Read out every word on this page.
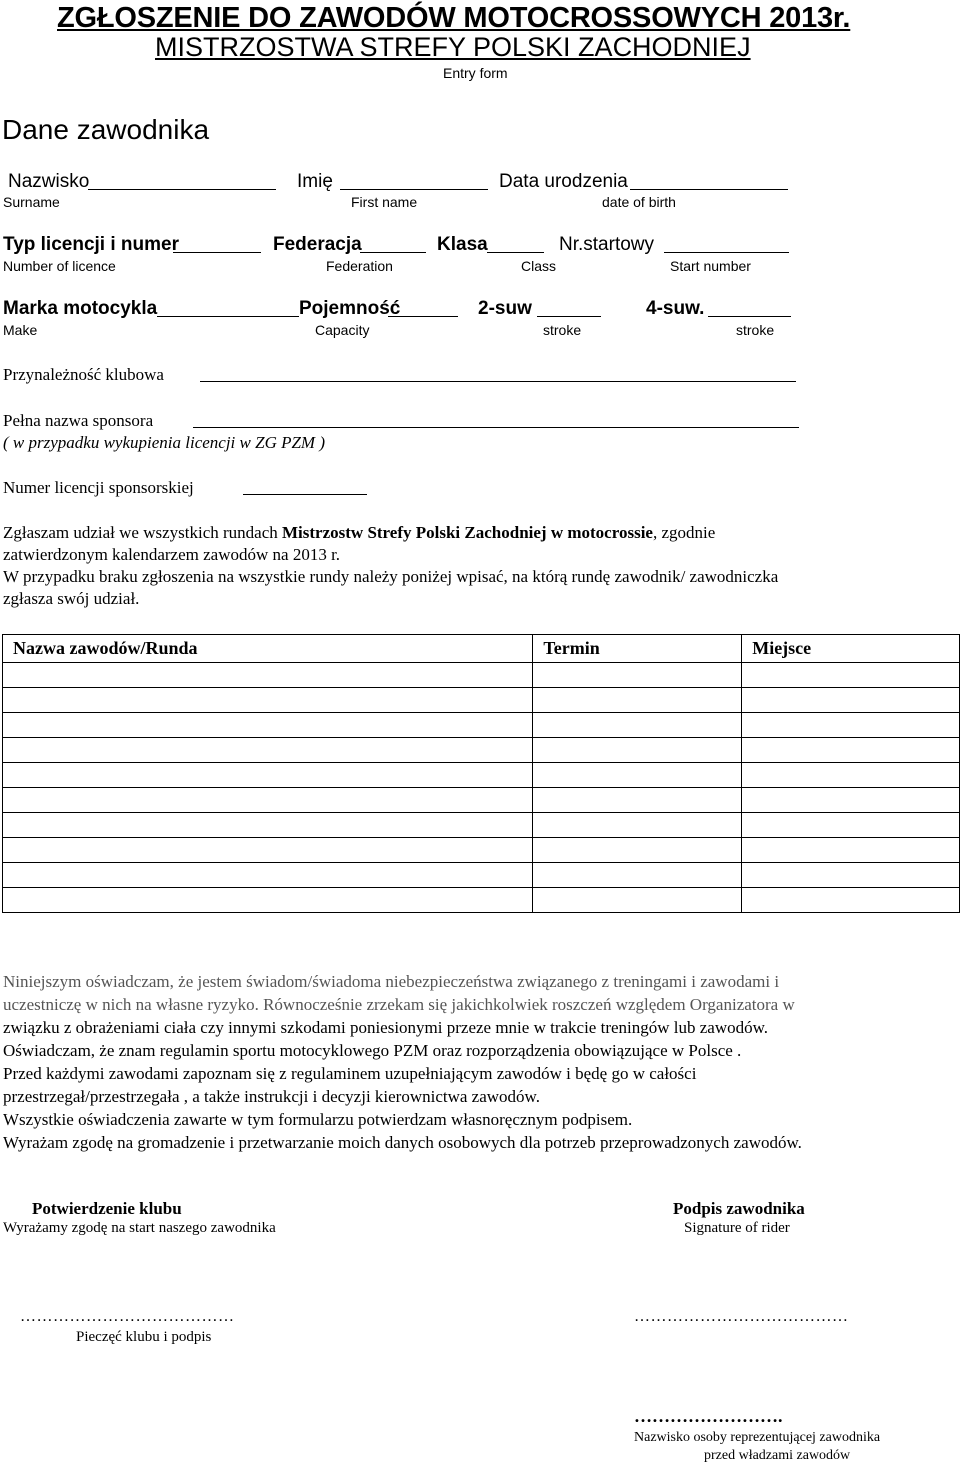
ZGŁOSZENIE DO ZAWODÓW MOTOCROSSOWYCH 2013r.
MISTRZOSTWA STREFY POLSKI ZACHODNIEJ
Entry form
Dane zawodnika
Nazwisko
Surname
Imię
First name
Data urodzenia
date of birth
Typ licencji i numer
Number of licence
Federacja
Federation
Klasa
Class
Nr.startowy
Start number
Marka motocykla
Make
Pojemność
Capacity
2-suw
stroke
4-suw.
stroke
Przynależność klubowa
Pełna nazwa sponsora
( w przypadku wykupienia licencji w ZG PZM )
Numer licencji sponsorskiej
Zgłaszam udział we wszystkich rundach Mistrzostw Strefy Polski Zachodniej w motocrossie, zgodnie
zatwierdzonym kalendarzem zawodów na 2013 r.
W przypadku braku zgłoszenia na wszystkie rundy należy poniżej wpisać, na którą rundę zawodnik/ zawodniczka
zgłasza swój udział.
Nazwa zawodów/Runda	Termin	Miejsce

Niniejszym oświadczam, że jestem świadom/świadoma niebezpieczeństwa związanego z treningami i zawodami i
uczestniczę w nich na własne ryzyko. Równocześnie zrzekam się jakichkolwiek roszczeń względem Organizatora w
związku z obrażeniami ciała czy innymi szkodami poniesionymi przeze mnie w trakcie treningów lub zawodów.
Oświadczam, że znam regulamin sportu motocyklowego PZM oraz rozporządzenia obowiązujące w Polsce .
Przed każdymi zawodami zapoznam się z regulaminem uzupełniającym zawodów i będę go w całości
przestrzegał/przestrzegała , a także instrukcji i decyzji kierownictwa zawodów.
Wszystkie oświadczenia zawarte w tym formularzu potwierdzam własnoręcznym podpisem.
Wyrażam zgodę na gromadzenie i przetwarzanie moich danych osobowych dla potrzeb przeprowadzonych zawodów.
Potwierdzenie klubu
Wyrażamy zgodę na start naszego zawodnika
Podpis zawodnika
Signature of rider
…………………………………	…………………………………
Pieczęć klubu i podpis
…………………….
Nazwisko osoby reprezentującej zawodnika
przed władzami zawodów
